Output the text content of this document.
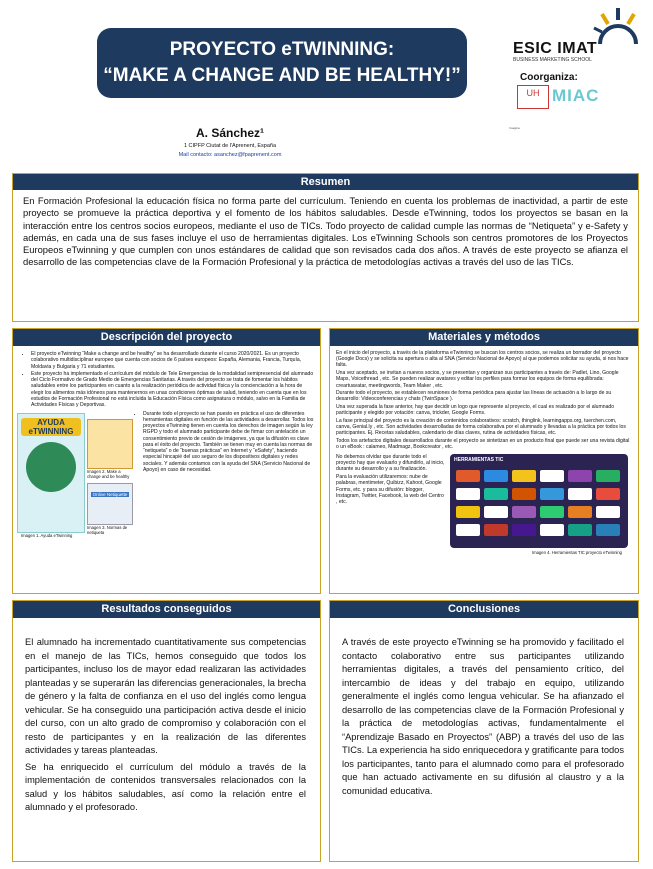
PROYECTO eTWINNING:
“MAKE A CHANGE AND BE HEALTHY!”
ESIC IMAT
BUSINESS MARKETING SCHOOL
Coorganiza:
UH MIAC
Imagina
A. Sánchez¹
1 CIPFP Ciutat de l'Aprenent, España
Mail contacto: asanchez@fpaprenent.com
Resumen
En Formación Profesional la educación física no forma parte del currículum. Teniendo en cuenta los problemas de inactividad, a partir de este proyecto se promueve la práctica deportiva y el fomento de los hábitos saludables. Desde eTwinning, todos los proyectos se basan en la interacción entre los centros socios europeos, mediante el uso de TICs. Todo proyecto de calidad cumple las normas de “Netiqueta” y e-Safety y además, en cada una de sus fases incluye el uso de herramientas digitales. Los eTwinning Schools son centros promotores de los Proyectos Europeos eTwinning y que cumplen con unos estándares de calidad que son revisados cada dos años. A través de este proyecto se afianza el desarrollo de las competencias clave de la Formación Profesional y la práctica de metodologías activas a través del uso de las TICs.
Descripción del proyecto
• El proyecto eTwinning “Make a change and be healthy” se ha desarrollado durante el curso 2020/2021. Es un proyecto colaborativo multidisciplinar europeo que cuenta con socios de 6 países europeos: España, Alemania, Francia, Turquía, Moldavia y Bulgaria y 71 estudiantes.
• Este proyecto ha implementado el currículum del módulo de Tele Emergencias de la modalidad semipresencial del alumnado del Ciclo Formativo de Grado Medio de Emergencias Sanitarias. A través del proyecto se trata de fomentar los hábitos saludables entre los participantes en cuanto a la realización periódica de actividad física y la concienciación a la hora de elegir los alimentos más idóneos para mantenernos en unas condiciones óptimas de salud, teniendo en cuenta que en los estudios de Formación Profesional no está incluida la Educación Física como asignatura o módulo, salvo en la Familia de Actividades Físicas y Deportivas.
AYUDA eTWINNING
Imagen 1. Ayuda eTwinning
Imagen 2. Make a change and be healthy
Online Netiquette
Imagen 3. Normas de netiqueta
• Durante todo el proyecto se han puesto en práctica el uso de diferentes herramientas digitales en función de las actividades a desarrollar. Todos los proyectos eTwinning tienen en cuenta los derechos de imagen según la ley RGPD y todo el alumnado participante debe de firmar con antelación un consentimiento previo de cesión de imágenes, ya que la difusión es clave para el éxito del proyecto. También se tienen muy en cuenta las normas de “netiqueta” o de “buenas prácticas” en Internet y “eSafety”, haciendo especial hincapié del uso seguro de los dispositivos digitales y redes sociales. Y además contamos con la ayuda del SNA (Servicio Nacional de Apoyo) en caso de necesidad.
Materiales y métodos

En el inicio del proyecto, a través de la plataforma eTwinning se buscan los centros socios, se realiza un borrador del proyecto (Google Docs) y se solicita su apertura o alta al SNA (Servicio Nacional de Apoyo) al que podemos solicitar su ayuda, si nos hace falta.

Una vez aceptado, se invitan a nuevos socios, y se presentan y organizan sus participantes a través de: Padlet, Lino, Google Maps, Voicethread , etc. Se pueden realizar avatares y editar los perfiles para formar los equipos de forma equilibrada: creartuavatar, meetingwords, Team Maker , etc.

Durante todo el proyecto, se establecen reuniones de forma periódica para ajustar las líneas de actuación a lo largo de su desarrollo: Videoconferencias y chats (TwinSpace ).

Una vez superada la fase anterior, hay que decidir un logo que represente al proyecto, el cual es realizado por el alumnado participante y elegido por votación: canva, trickder, Google Forms.

La fase principal del proyecto es la creación de contenidos colaborativos: scratch, thinglink, learningapps.org, tuerchen.com, canva, Genial.ly , etc. Son actividades desarrolladas de forma colaborativa por el alumnado y llevadas a la práctica por todos los participantes. Ej. Recetas saludables, calendario de días claves, rutina de actividades físicas, etc.

Todos los artefactos digitales desarrollados durante el proyecto se sintetizan en un producto final que puede ser una revista digital o un eBook : calameo, Madmagz, Bookcreator , etc.

No debemos olvidar que durante todo el proyecto hay que evaluarlo y difundirlo, al inicio, durante su desarrollo y a su finalización.

Para la evaluación utilizaremos: nube de palabras, mentimeter, Quibizz, Kahoot, Google Forms, etc. y para su difusión: blogger, Instagram, Twitter, Facebook, la web del Centro , etc.

HERRAMIENTAS TIC
Imagen 4. Herramientas TIC proyecto eTwinning
Resultados conseguidos

El alumnado ha incrementado cuantitativamente sus competencias en el manejo de las TICs, hemos conseguido que todos los participantes, incluso los de mayor edad realizaran las actividades planteadas y se superarán las diferencias generacionales, la brecha de género y la falta de confianza en el uso del inglés como lengua vehicular. Se ha conseguido una participación activa desde el inicio del curso, con un alto grado de compromiso y colaboración con el resto de participantes y en la realización de las diferentes actividades y tareas planteadas.

Se ha enriquecido el currículum del módulo a través de la implementación de contenidos transversales relacionados con la salud y los hábitos saludables, así como la relación entre el alumnado y el profesorado.

Conclusiones

A través de este proyecto eTwinning se ha promovido y facilitado el contacto colaborativo entre sus participantes utilizando herramientas digitales, a través del pensamiento crítico, del intercambio de ideas y del trabajo en equipo, utilizando generalmente el inglés como lengua vehicular. Se ha afianzado el desarrollo de las competencias clave de la Formación Profesional y la práctica de metodologías activas, fundamentalmente el “Aprendizaje Basado en Proyectos” (ABP) a través del uso de las TICs. La experiencia ha sido enriquecedora y gratificante para todos los participantes, tanto para el alumnado como para el profesorado que han actuado activamente en su difusión al claustro y a la comunidad educativa.
